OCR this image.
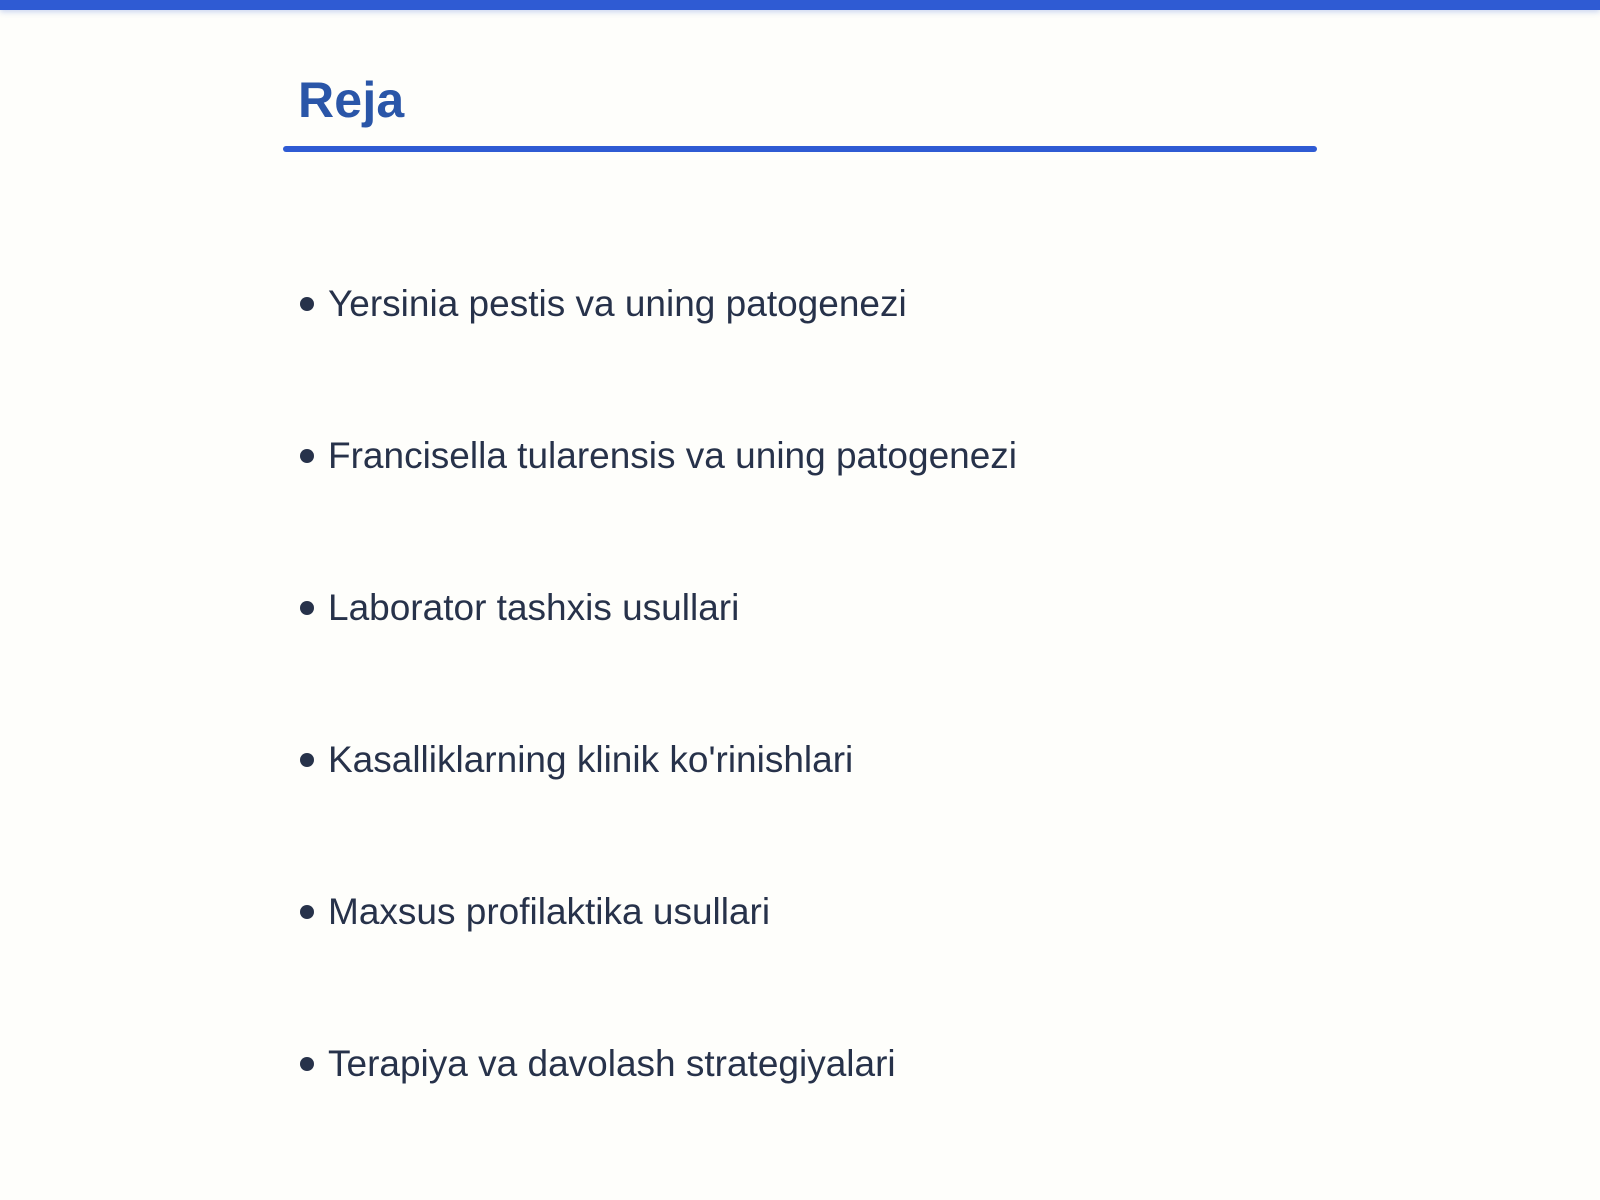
Reja
Yersinia pestis va uning patogenezi
Francisella tularensis va uning patogenezi
Laborator tashxis usullari
Kasalliklarning klinik ko'rinishlari
Maxsus profilaktika usullari
Terapiya va davolash strategiyalari
